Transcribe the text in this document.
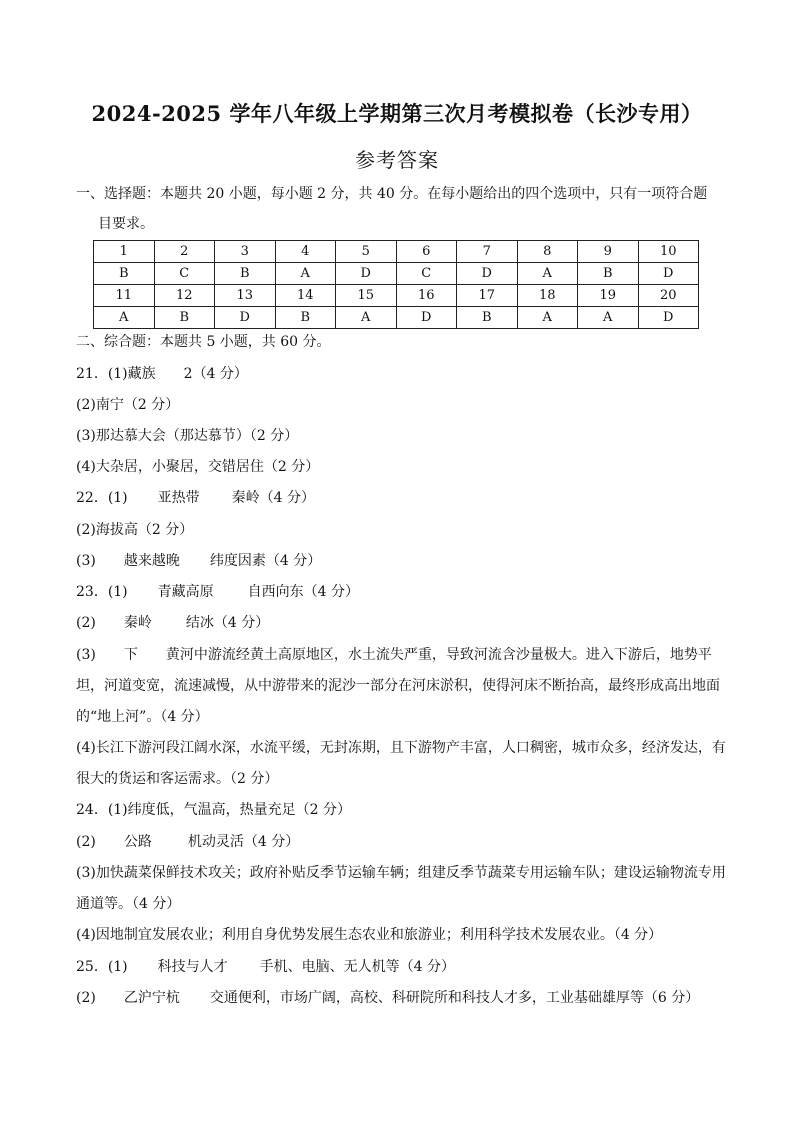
2024-2025 学年八年级上学期第三次月考模拟卷（长沙专用）
参考答案
一、选择题：本题共 20 小题，每小题 2 分，共 40 分。在每小题给出的四个选项中，只有一项符合题
目要求。
1	2	3	4	5	6	7	8	9	10
B	C	B	A	D	C	D	A	B	D
11	12	13	14	15	16	17	18	19	20
A	B	D	B	A	D	B	A	A	D
二、综合题：本题共 5 小题，共 60 分。
21．(1)藏族 2（4 分）
(2)南宁（2 分）
(3)那达慕大会（那达慕节）（2 分）
(4)大杂居，小聚居，交错居住（2 分）
22．(1) 亚热带 秦岭（4 分）
(2)海拔高（2 分）
(3) 越来越晚 纬度因素（4 分）
23．(1) 青藏高原 自西向东（4 分）
(2) 秦岭 结冰（4 分）
(3) 下 黄河中游流经黄土高原地区，水土流失严重，导致河流含沙量极大。进入下游后，地势平
坦，河道变宽，流速减慢，从中游带来的泥沙一部分在河床淤积，使得河床不断抬高，最终形成高出地面
的“地上河”。（4 分）
(4)长江下游河段江阔水深，水流平缓，无封冻期，且下游物产丰富，人口稠密，城市众多，经济发达，有
很大的货运和客运需求。（2 分）
24．(1)纬度低，气温高，热量充足（2 分）
(2) 公路	机动灵活（4 分）
(3)加快蔬菜保鲜技术攻关；政府补贴反季节运输车辆；组建反季节蔬菜专用运输车队；建设运输物流专用
通道等。（4 分）
(4)因地制宜发展农业；利用自身优势发展生态农业和旅游业；利用科学技术发展农业。（4 分）
25．(1) 科技与人才 手机、电脑、无人机等（4 分）
(2) 乙沪宁杭 交通便利，市场广阔，高校、科研院所和科技人才多，工业基础雄厚等（6 分）
